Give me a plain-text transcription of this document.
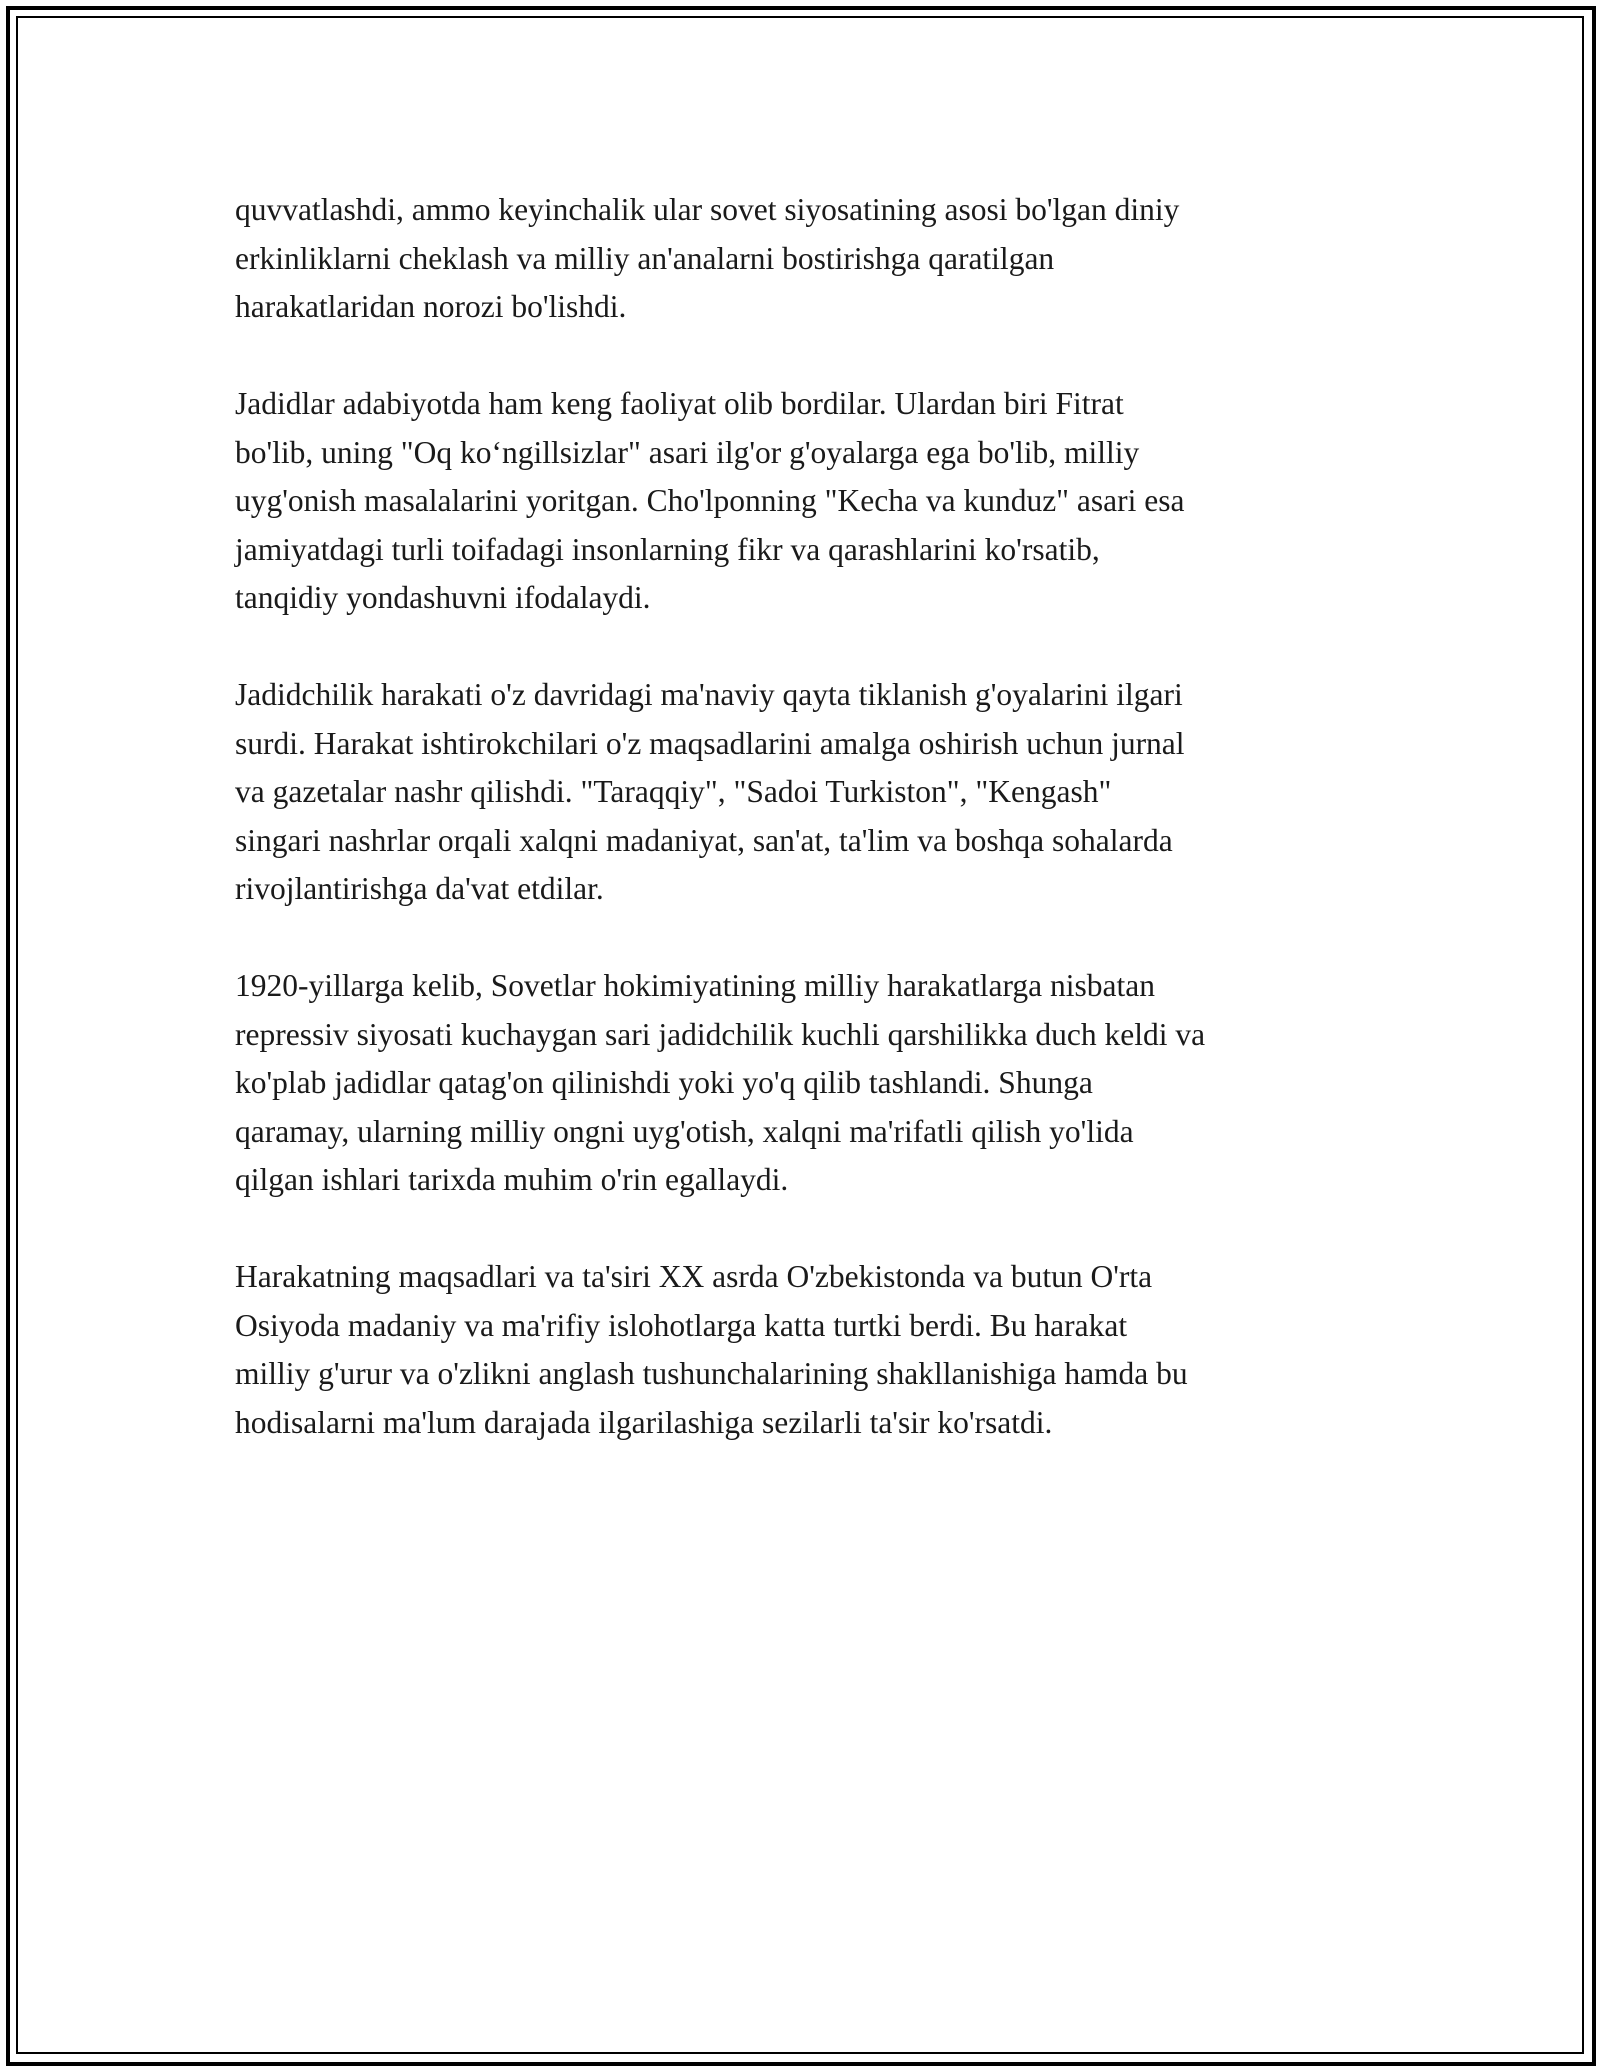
quvvatlashdi, ammo keyinchalik ular sovet siyosatining asosi bo'lgan diniy
erkinliklarni cheklash va milliy an'analarni bostirishga qaratilgan
harakatlaridan norozi bo'lishdi.

Jadidlar adabiyotda ham keng faoliyat olib bordilar. Ulardan biri Fitrat
bo'lib, uning "Oq ko‘ngillsizlar" asari ilg'or g'oyalarga ega bo'lib, milliy
uyg'onish masalalarini yoritgan. Cho'lponning "Kecha va kunduz" asari esa
jamiyatdagi turli toifadagi insonlarning fikr va qarashlarini ko'rsatib,
tanqidiy yondashuvni ifodalaydi.

Jadidchilik harakati o'z davridagi ma'naviy qayta tiklanish g'oyalarini ilgari
surdi. Harakat ishtirokchilari o'z maqsadlarini amalga oshirish uchun jurnal
va gazetalar nashr qilishdi. "Taraqqiy", "Sadoi Turkiston", "Kengash"
singari nashrlar orqali xalqni madaniyat, san'at, ta'lim va boshqa sohalarda
rivojlantirishga da'vat etdilar.

1920-yillarga kelib, Sovetlar hokimiyatining milliy harakatlarga nisbatan
repressiv siyosati kuchaygan sari jadidchilik kuchli qarshilikka duch keldi va
ko'plab jadidlar qatag'on qilinishdi yoki yo'q qilib tashlandi. Shunga
qaramay, ularning milliy ongni uyg'otish, xalqni ma'rifatli qilish yo'lida
qilgan ishlari tarixda muhim o'rin egallaydi.

Harakatning maqsadlari va ta'siri XX asrda O'zbekistonda va butun O'rta
Osiyoda madaniy va ma'rifiy islohotlarga katta turtki berdi. Bu harakat
milliy g'urur va o'zlikni anglash tushunchalarining shakllanishiga hamda bu
hodisalarni ma'lum darajada ilgarilashiga sezilarli ta'sir ko'rsatdi.
